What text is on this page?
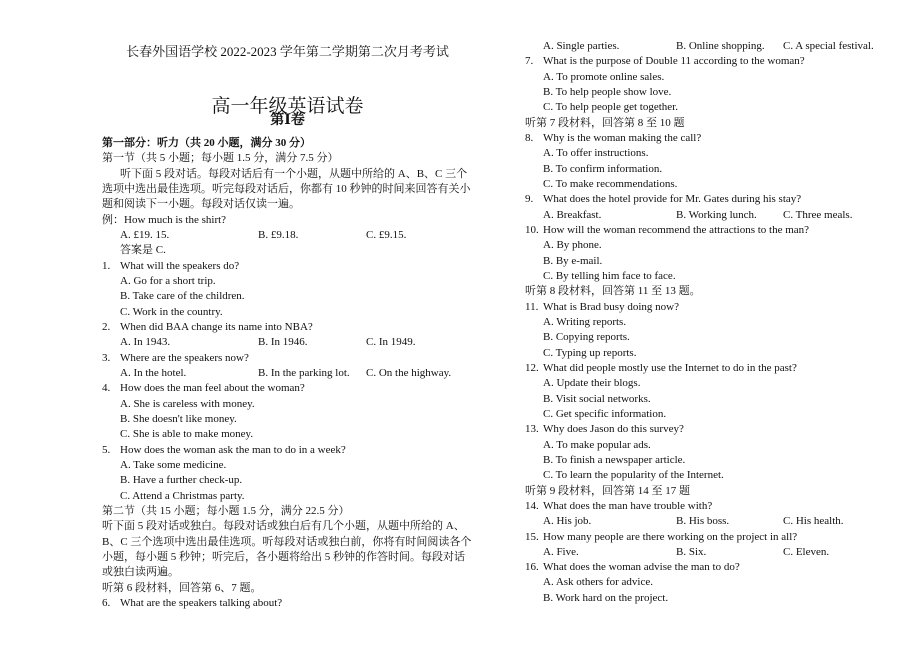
长春外国语学校 2022-2023 学年第二学期第二次月考考试
高一年级英语试卷
第Ⅰ卷
第一部分：听力（共 20 小题，满分 30 分）
第一节（共 5 小题；每小题 1.5 分，满分 7.5 分）
听下面 5 段对话。每段对话后有一个小题，从题中所给的 A、B、C 三个
选项中选出最佳选项。听完每段对话后，你都有 10 秒钟的时间来回答有关小
题和阅读下一小题。每段对话仅读一遍。
例：How much is the shirt?
A. £19. 15.	B. £9.18.	C. £9.15.
答案是 C.
1. What will the speakers do?
A. Go for a short trip.
B. Take care of the children.
C. Work in the country.
2. When did BAA change its name into NBA?
A. In 1943.	B. In 1946.	C. In 1949.
3. Where are the speakers now?
A. In the hotel.	B. In the parking lot. C. On the highway.
4. How does the man feel about the woman?
A. She is careless with money.
B. She doesn't like money.
C. She is able to make money.
5. How does the woman ask the man to do in a week?
A. Take some medicine.
B. Have a further check-up.
C. Attend a Christmas party.
第二节（共 15 小题；每小题 1.5 分，满分 22.5 分）
听下面 5 段对话或独白。每段对话或独白后有几个小题，从题中所给的 A、
B、C 三个选项中选出最佳选项。听每段对话或独白前，你将有时间阅读各个
小题，每小题 5 秒钟；听完后，各小题将给出 5 秒钟的作答时间。每段对话
或独白读两遍。
听第 6 段材料，回答第 6、7 题。
6. What are the speakers talking about?
A. Single parties.	B. Online shopping. C. A special festival.
7. What is the purpose of Double 11 according to the woman?
A. To promote online sales.
B. To help people show love.
C. To help people get together.
听第 7 段材料，回答第 8 至 10 题
8. Why is the woman making the call?
A. To offer instructions.
B. To confirm information.
C. To make recommendations.
9. What does the hotel provide for Mr. Gates during his stay?
A. Breakfast.	B. Working lunch. C. Three meals.
10. How will the woman recommend the attractions to the man?
A. By phone.
B. By e-mail.
C. By telling him face to face.
听第 8 段材料，回答第 11 至 13 题。
11. What is Brad busy doing now?
A. Writing reports.
B. Copying reports.
C. Typing up reports.
12. What did people mostly use the Internet to do in the past?
A. Update their blogs.
B. Visit social networks.
C. Get specific information.
13. Why does Jason do this survey?
A. To make popular ads.
B. To finish a newspaper article.
C. To learn the popularity of the Internet.
听第 9 段材料，回答第 14 至 17 题
14. What does the man have trouble with?
A. His job.	B. His boss.	C. His health.
15. How many people are there working on the project in all?
A. Five.	B. Six.	C. Eleven.
16. What does the woman advise the man to do?
A. Ask others for advice.
B. Work hard on the project.
